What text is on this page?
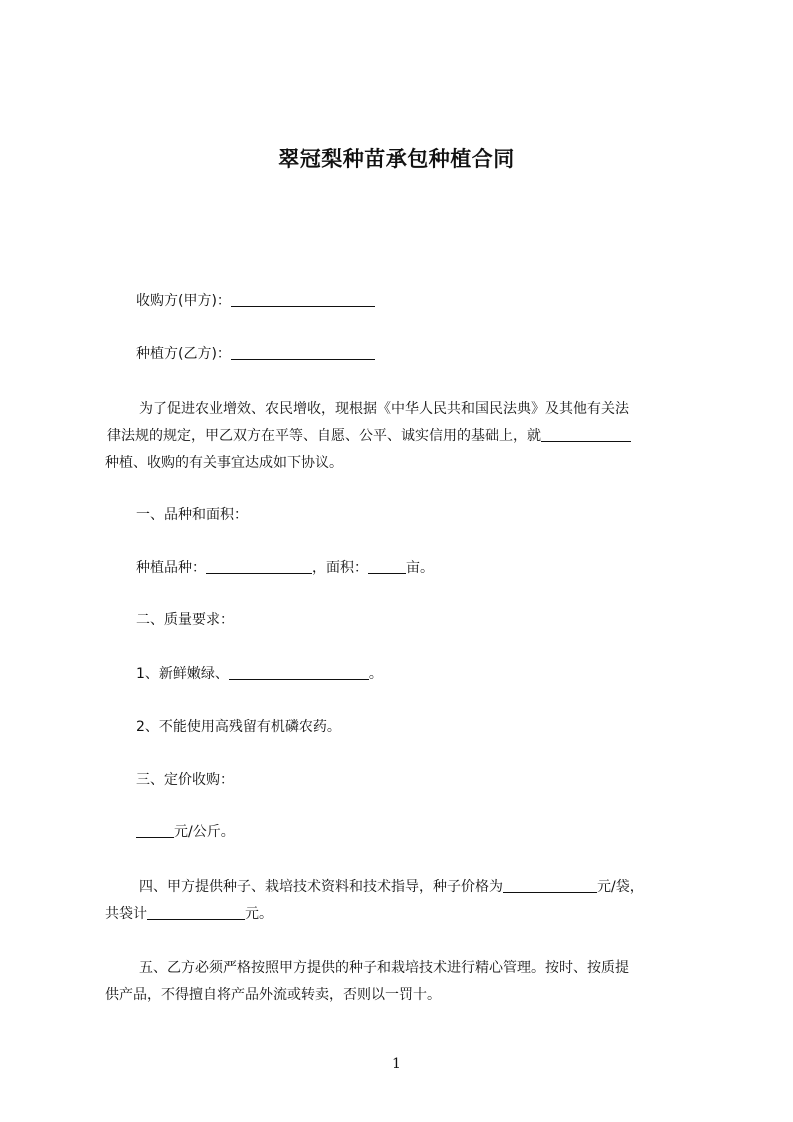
翠冠梨种苗承包种植合同
收购方(甲方)：
种植方(乙方)：
为了促进农业增效、农民增收，现根据《中华人民共和国民法典》及其他有关法
律法规的规定，甲乙双方在平等、自愿、公平、诚实信用的基础上，就
种植、收购的有关事宜达成如下协议。
一、品种和面积：
种植品种：	，面积：	亩。
二、质量要求：
1、新鲜嫩绿、	。
2、不能使用高残留有机磷农药。
三、定价收购：
元/公斤。
四、甲方提供种子、栽培技术资料和技术指导，种子价格为	元/袋，
共袋计	元。
五、乙方必须严格按照甲方提供的种子和栽培技术进行精心管理。按时、按质提
供产品，不得擅自将产品外流或转卖，否则以一罚十。
1
